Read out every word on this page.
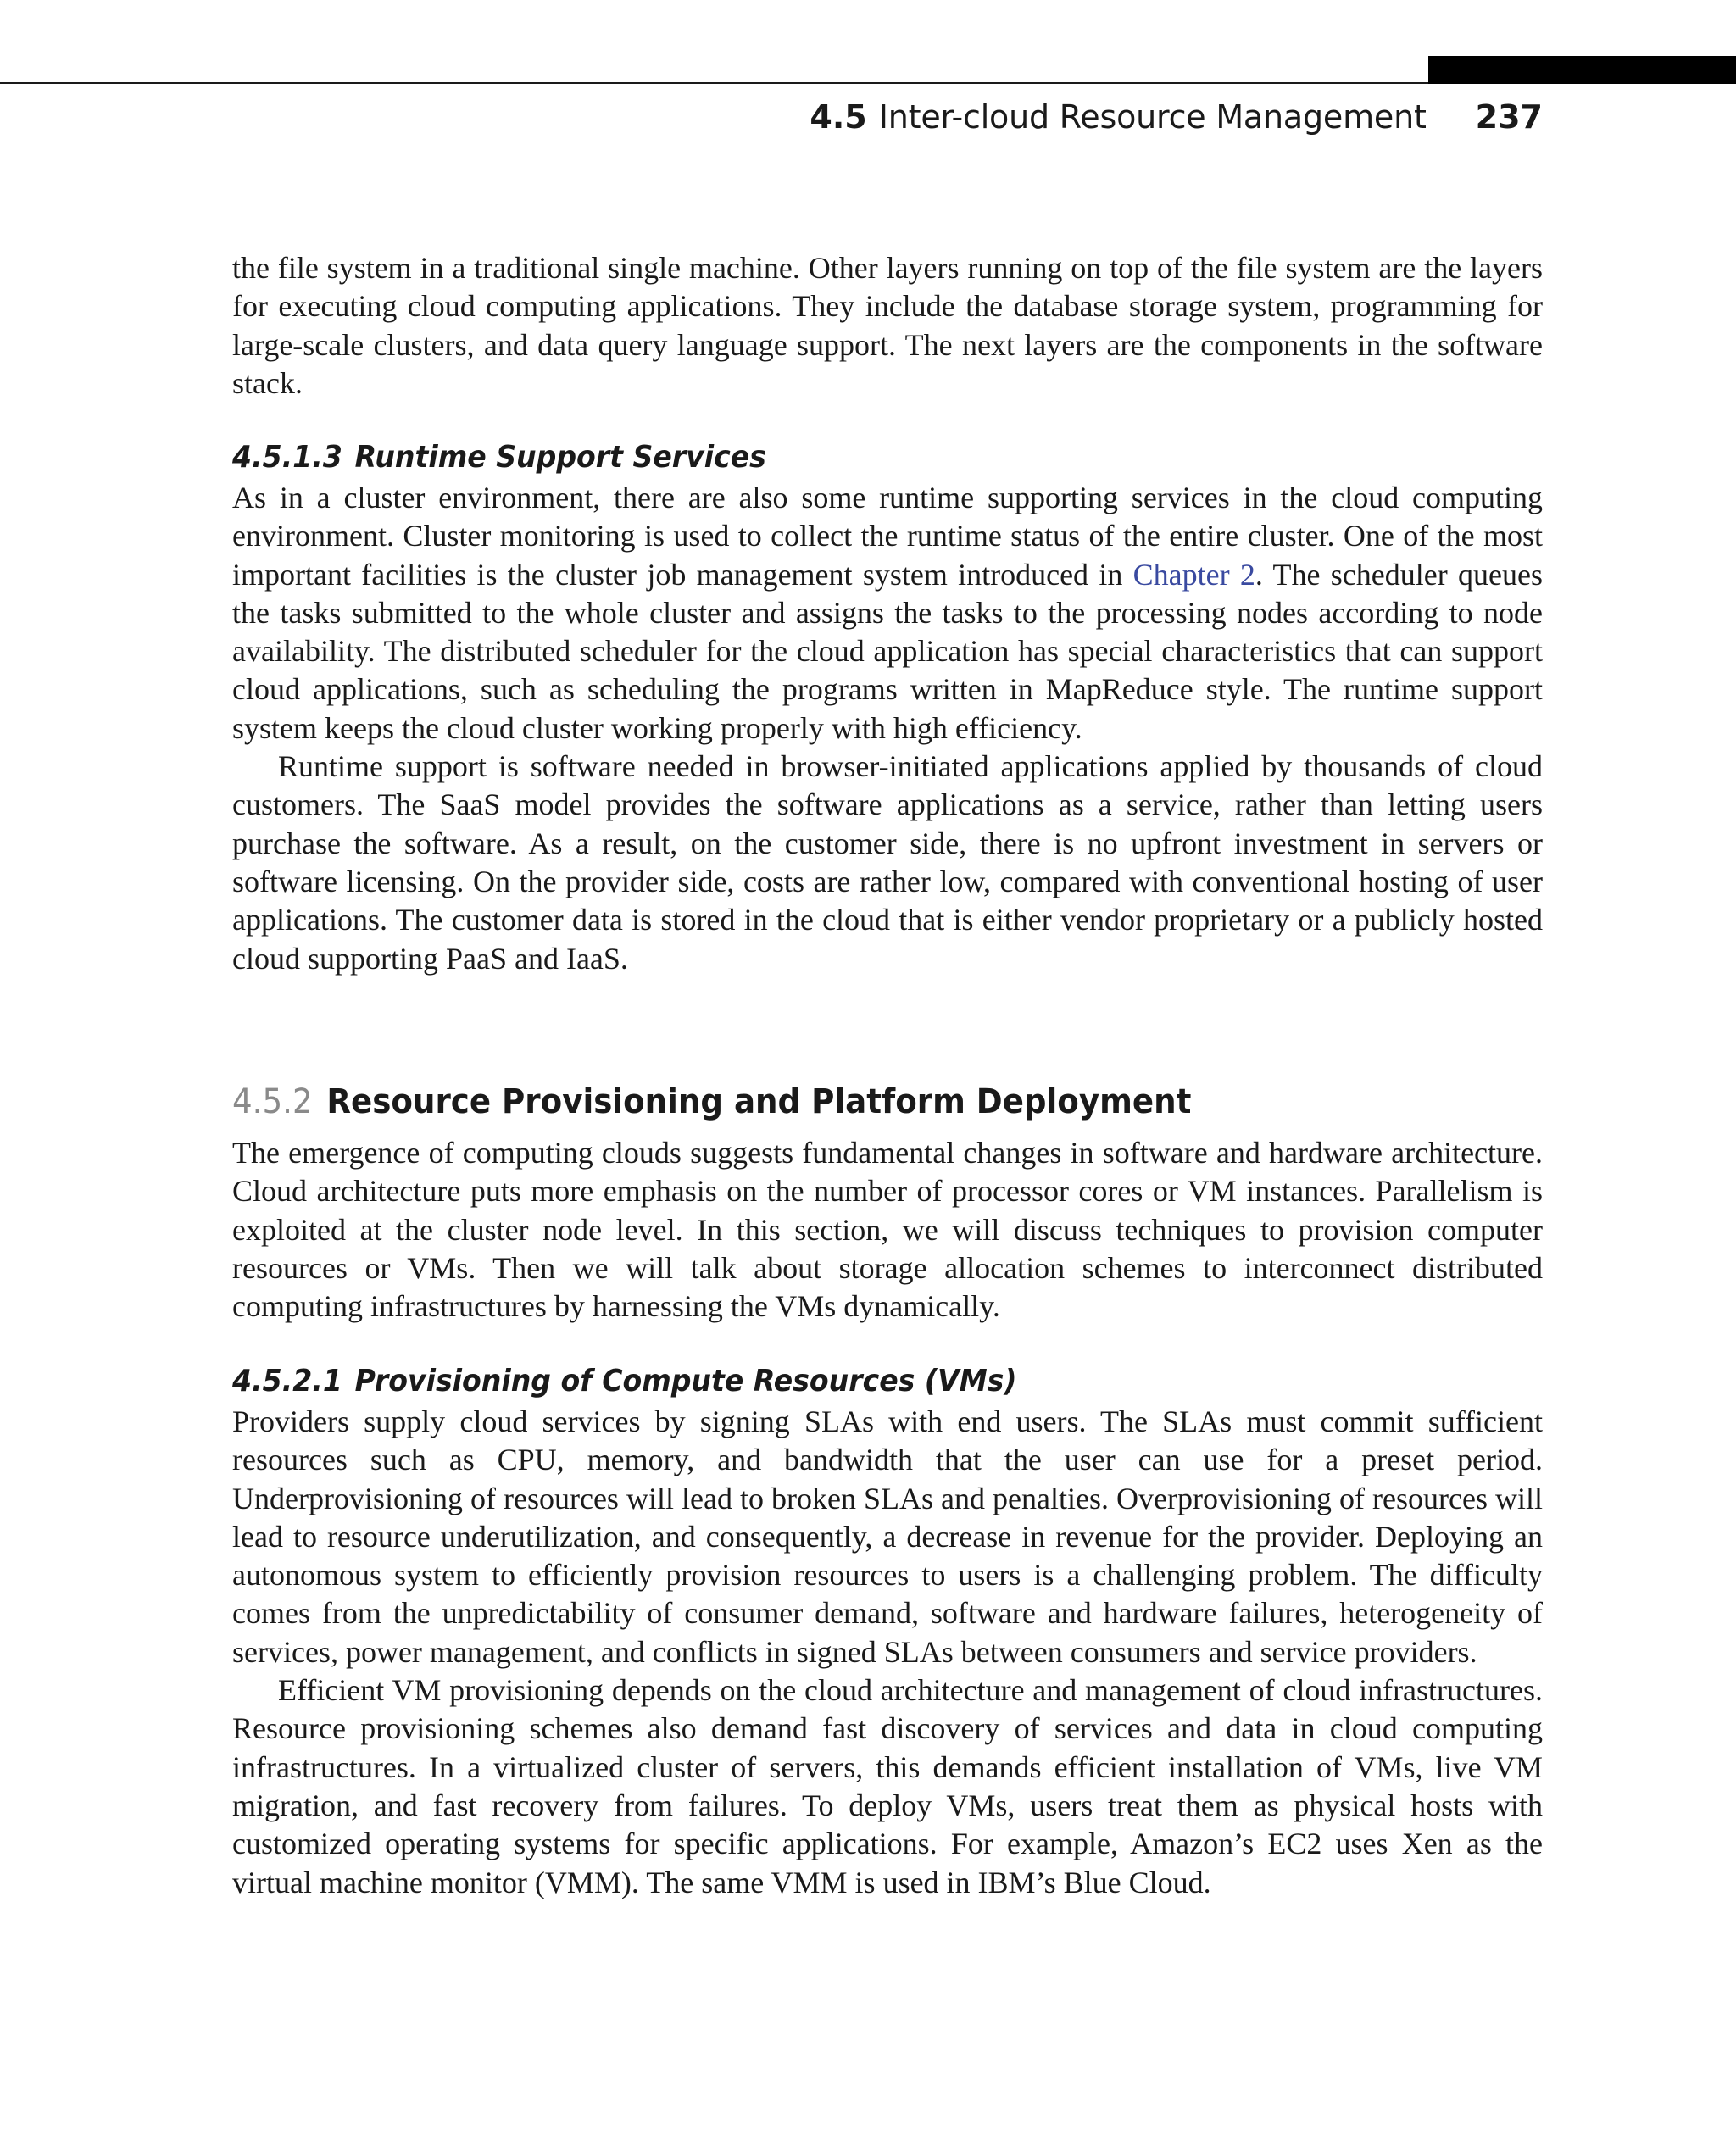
4.5 Inter-cloud Resource Management 237

the file system in a traditional single machine. Other layers running on top of the file system are the layers for executing cloud computing applications. They include the database storage system, programming for large-scale clusters, and data query language support. The next layers are the components in the software stack.

4.5.1.3 Runtime Support Services

As in a cluster environment, there are also some runtime supporting services in the cloud computing environment. Cluster monitoring is used to collect the runtime status of the entire cluster. One of the most important facilities is the cluster job management system introduced in Chapter 2. The scheduler queues the tasks submitted to the whole cluster and assigns the tasks to the processing nodes according to node availability. The distributed scheduler for the cloud application has special characteristics that can support cloud applications, such as scheduling the programs written in MapReduce style. The runtime support system keeps the cloud cluster working properly with high efficiency.

Runtime support is software needed in browser-initiated applications applied by thousands of cloud customers. The SaaS model provides the software applications as a service, rather than letting users purchase the software. As a result, on the customer side, there is no upfront investment in servers or software licensing. On the provider side, costs are rather low, compared with conventional hosting of user applications. The customer data is stored in the cloud that is either vendor proprietary or a publicly hosted cloud supporting PaaS and IaaS.

4.5.2 Resource Provisioning and Platform Deployment

The emergence of computing clouds suggests fundamental changes in software and hardware architecture. Cloud architecture puts more emphasis on the number of processor cores or VM instances. Parallelism is exploited at the cluster node level. In this section, we will discuss techniques to provision computer resources or VMs. Then we will talk about storage allocation schemes to interconnect distributed computing infrastructures by harnessing the VMs dynamically.

4.5.2.1 Provisioning of Compute Resources (VMs)

Providers supply cloud services by signing SLAs with end users. The SLAs must commit sufficient resources such as CPU, memory, and bandwidth that the user can use for a preset period. Underprovisioning of resources will lead to broken SLAs and penalties. Overprovisioning of resources will lead to resource underutilization, and consequently, a decrease in revenue for the provider. Deploying an autonomous system to efficiently provision resources to users is a challenging problem. The difficulty comes from the unpredictability of consumer demand, software and hardware failures, heterogeneity of services, power management, and conflicts in signed SLAs between consumers and service providers.

Efficient VM provisioning depends on the cloud architecture and management of cloud infrastructures. Resource provisioning schemes also demand fast discovery of services and data in cloud computing infrastructures. In a virtualized cluster of servers, this demands efficient installation of VMs, live VM migration, and fast recovery from failures. To deploy VMs, users treat them as physical hosts with customized operating systems for specific applications. For example, Amazon’s EC2 uses Xen as the virtual machine monitor (VMM). The same VMM is used in IBM’s Blue Cloud.
